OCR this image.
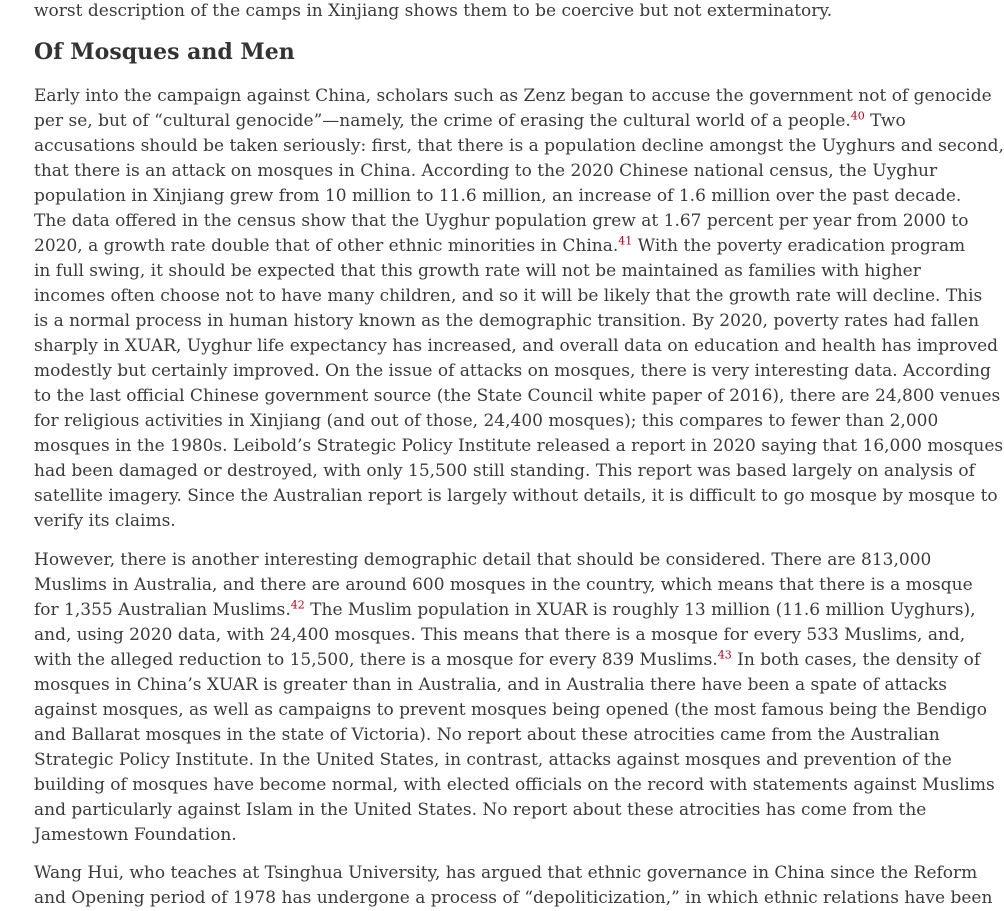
worst description of the camps in Xinjiang shows them to be coercive but not exterminatory.

Of Mosques and Men

Early into the campaign against China, scholars such as Zenz began to accuse the government not of genocide
per se, but of “cultural genocide”—namely, the crime of erasing the cultural world of a people.$^{40}$ Two
accusations should be taken seriously: first, that there is a population decline amongst the Uyghurs and second,
that there is an attack on mosques in China. According to the 2020 Chinese national census, the Uyghur
population in Xinjiang grew from 10 million to 11.6 million, an increase of 1.6 million over the past decade.
The data offered in the census show that the Uyghur population grew at 1.67 percent per year from 2000 to
2020, a growth rate double that of other ethnic minorities in China.$^{41}$ With the poverty eradication program
in full swing, it should be expected that this growth rate will not be maintained as families with higher
incomes often choose not to have many children, and so it will be likely that the growth rate will decline. This
is a normal process in human history known as the demographic transition. By 2020, poverty rates had fallen
sharply in XUAR, Uyghur life expectancy has increased, and overall data on education and health has improved
modestly but certainly improved. On the issue of attacks on mosques, there is very interesting data. According
to the last official Chinese government source (the State Council white paper of 2016), there are 24,800 venues
for religious activities in Xinjiang (and out of those, 24,400 mosques); this compares to fewer than 2,000
mosques in the 1980s. Leibold’s Strategic Policy Institute released a report in 2020 saying that 16,000 mosques
had been damaged or destroyed, with only 15,500 still standing. This report was based largely on analysis of
satellite imagery. Since the Australian report is largely without details, it is difficult to go mosque by mosque to
verify its claims.

However, there is another interesting demographic detail that should be considered. There are 813,000
Muslims in Australia, and there are around 600 mosques in the country, which means that there is a mosque
for 1,355 Australian Muslims.$^{42}$ The Muslim population in XUAR is roughly 13 million (11.6 million Uyghurs),
and, using 2020 data, with 24,400 mosques. This means that there is a mosque for every 533 Muslims, and,
with the alleged reduction to 15,500, there is a mosque for every 839 Muslims.$^{43}$ In both cases, the density of
mosques in China’s XUAR is greater than in Australia, and in Australia there have been a spate of attacks
against mosques, as well as campaigns to prevent mosques being opened (the most famous being the Bendigo
and Ballarat mosques in the state of Victoria). No report about these atrocities came from the Australian
Strategic Policy Institute. In the United States, in contrast, attacks against mosques and prevention of the
building of mosques have become normal, with elected officials on the record with statements against Muslims
and particularly against Islam in the United States. No report about these atrocities has come from the
Jamestown Foundation.

Wang Hui, who teaches at Tsinghua University, has argued that ethnic governance in China since the Reform
and Opening period of 1978 has undergone a process of “depoliticization,” in which ethnic relations have been
